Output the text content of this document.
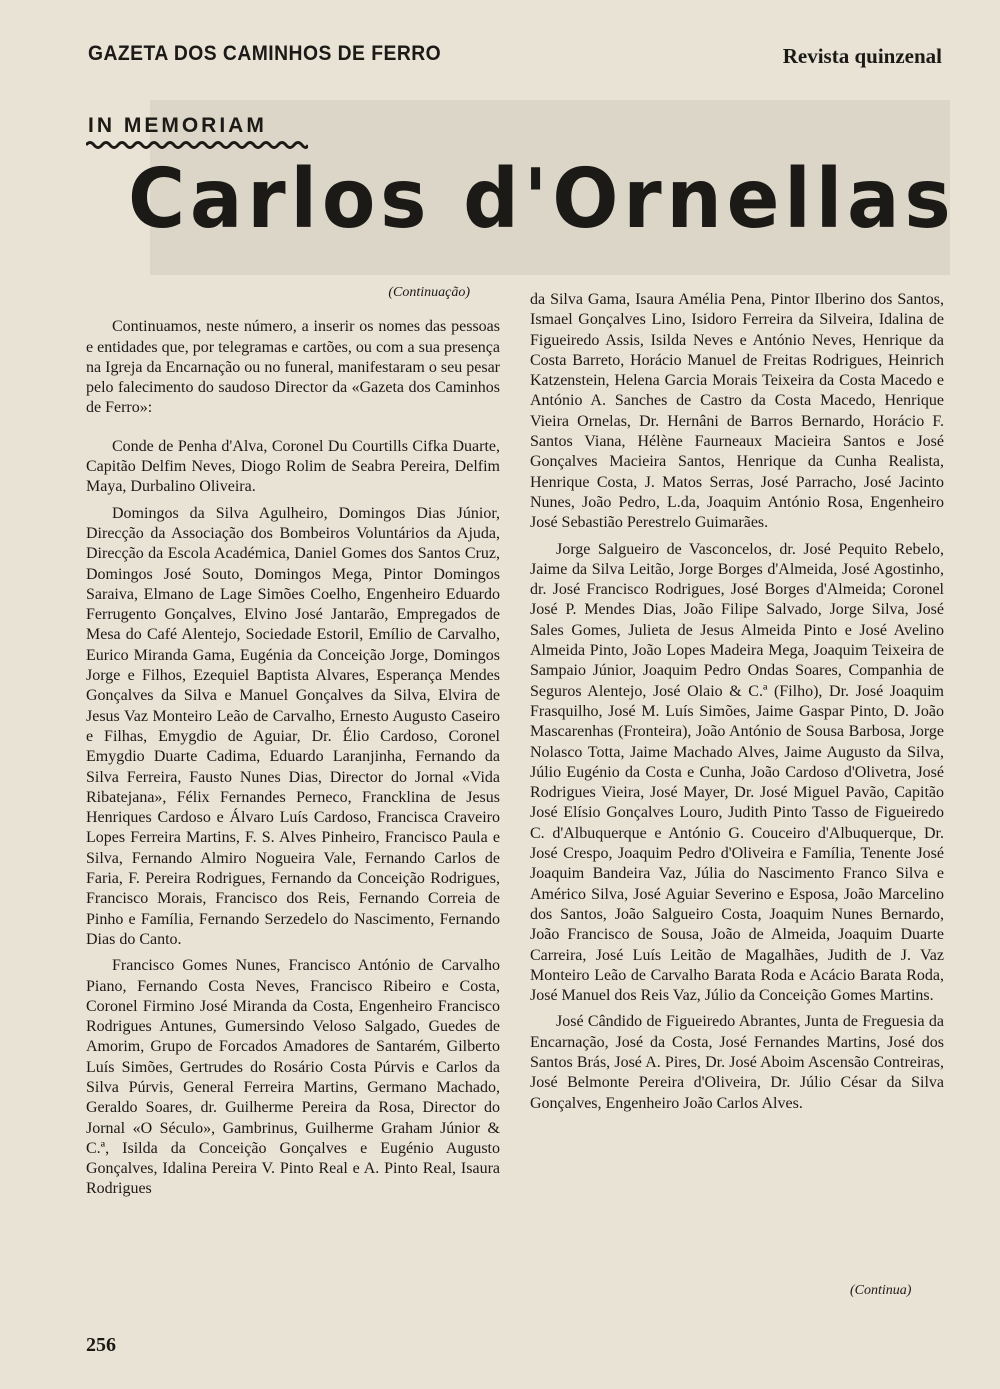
GAZETA DOS CAMINHOS DE FERRO	Revista quinzenal
IN MEMORIAM
Carlos d'Ornellas
(Continuação)

Continuamos, neste número, a inserir os nomes das pessoas e entidades que, por telegramas e cartões, ou com a sua presença na Igreja da Encarnação ou no funeral, manifestaram o seu pesar pelo falecimento do saudoso Director da «Gazeta dos Caminhos de Ferro»:

Conde de Penha d'Alva, Coronel Du Courtills Cifka Duarte, Capitão Delfim Neves, Diogo Rolim de Seabra Pereira, Delfim Maya, Durbalino Oliveira.

Domingos da Silva Agulheiro, Domingos Dias Júnior, Direcção da Associação dos Bombeiros Voluntários da Ajuda, Direcção da Escola Académica, Daniel Gomes dos Santos Cruz, Domingos José Souto, Domingos Mega, Pintor Domingos Saraiva, Elmano de Lage Simões Coelho, Engenheiro Eduardo Ferrugento Gonçalves, Elvino José Jantarão, Empregados de Mesa do Café Alentejo, Sociedade Estoril, Emílio de Carvalho, Eurico Miranda Gama, Eugénia da Conceição Jorge, Domingos Jorge e Filhos, Ezequiel Baptista Alvares, Esperança Mendes Gonçalves da Silva e Manuel Gonçalves da Silva, Elvira de Jesus Vaz Monteiro Leão de Carvalho, Ernesto Augusto Caseiro e Filhas, Emygdio de Aguiar, Dr. Élio Cardoso, Coronel Emygdio Duarte Cadima, Eduardo Laranjinha, Fernando da Silva Ferreira, Fausto Nunes Dias, Director do Jornal «Vida Ribatejana», Félix Fernandes Perneco, Francklina de Jesus Henriques Cardoso e Álvaro Luís Cardoso, Francisca Craveiro Lopes Ferreira Martins, F. S. Alves Pinheiro, Francisco Paula e Silva, Fernando Almiro Nogueira Vale, Fernando Carlos de Faria, F. Pereira Rodrigues, Fernando da Conceição Rodrigues, Francisco Morais, Francisco dos Reis, Fernando Correia de Pinho e Família, Fernando Serzedelo do Nascimento, Fernando Dias do Canto.

Francisco Gomes Nunes, Francisco António de Carvalho Piano, Fernando Costa Neves, Francisco Ribeiro e Costa, Coronel Firmino José Miranda da Costa, Engenheiro Francisco Rodrigues Antunes, Gumersindo Veloso Salgado, Guedes de Amorim, Grupo de Forcados Amadores de Santarém, Gilberto Luís Simões, Gertrudes do Rosário Costa Púrvis e Carlos da Silva Púrvis, General Ferreira Martins, Germano Machado, Geraldo Soares, dr. Guilherme Pereira da Rosa, Director do Jornal «O Século», Gambrinus, Guilherme Graham Júnior & C.ª, Isilda da Conceição Gonçalves e Eugénio Augusto Gonçalves, Idalina Pereira V. Pinto Real e A. Pinto Real, Isaura Rodrigues

da Silva Gama, Isaura Amélia Pena, Pintor Ilberino dos Santos, Ismael Gonçalves Lino, Isidoro Ferreira da Silveira, Idalina de Figueiredo Assis, Isilda Neves e António Neves, Henrique da Costa Barreto, Horácio Manuel de Freitas Rodrigues, Heinrich Katzenstein, Helena Garcia Morais Teixeira da Costa Macedo e António A. Sanches de Castro da Costa Macedo, Henrique Vieira Ornelas, Dr. Hernâni de Barros Bernardo, Horácio F. Santos Viana, Hélène Faurneaux Macieira Santos e José Gonçalves Macieira Santos, Henrique da Cunha Realista, Henrique Costa, J. Matos Serras, José Parracho, José Jacinto Nunes, João Pedro, L.da, Joaquim António Rosa, Engenheiro José Sebastião Perestrelo Guimarães.

Jorge Salgueiro de Vasconcelos, dr. José Pequito Rebelo, Jaime da Silva Leitão, Jorge Borges d'Almeida, José Agostinho, dr. José Francisco Rodrigues, José Borges d'Almeida; Coronel José P. Mendes Dias, João Filipe Salvado, Jorge Silva, José Sales Gomes, Julieta de Jesus Almeida Pinto e José Avelino Almeida Pinto, João Lopes Madeira Mega, Joaquim Teixeira de Sampaio Júnior, Joaquim Pedro Ondas Soares, Companhia de Seguros Alentejo, José Olaio & C.ª (Filho), Dr. José Joaquim Frasquilho, José M. Luís Simões, Jaime Gaspar Pinto, D. João Mascarenhas (Fronteira), João António de Sousa Barbosa, Jorge Nolasco Totta, Jaime Machado Alves, Jaime Augusto da Silva, Júlio Eugénio da Costa e Cunha, João Cardoso d'Olivetra, José Rodrigues Vieira, José Mayer, Dr. José Miguel Pavão, Capitão José Elísio Gonçalves Louro, Judith Pinto Tasso de Figueiredo C. d'Albuquerque e António G. Couceiro d'Albuquerque, Dr. José Crespo, Joaquim Pedro d'Oliveira e Família, Tenente José Joaquim Bandeira Vaz, Júlia do Nascimento Franco Silva e Américo Silva, José Aguiar Severino e Esposa, João Marcelino dos Santos, João Salgueiro Costa, Joaquim Nunes Bernardo, João Francisco de Sousa, João de Almeida, Joaquim Duarte Carreira, José Luís Leitão de Magalhães, Judith de J. Vaz Monteiro Leão de Carvalho Barata Roda e Acácio Barata Roda, José Manuel dos Reis Vaz, Júlio da Conceição Gomes Martins.

José Cândido de Figueiredo Abrantes, Junta de Freguesia da Encarnação, José da Costa, José Fernandes Martins, José dos Santos Brás, José A. Pires, Dr. José Aboim Ascensão Contreiras, José Belmonte Pereira d'Oliveira, Dr. Júlio César da Silva Gonçalves, Engenheiro João Carlos Alves.

(Continua)
256
